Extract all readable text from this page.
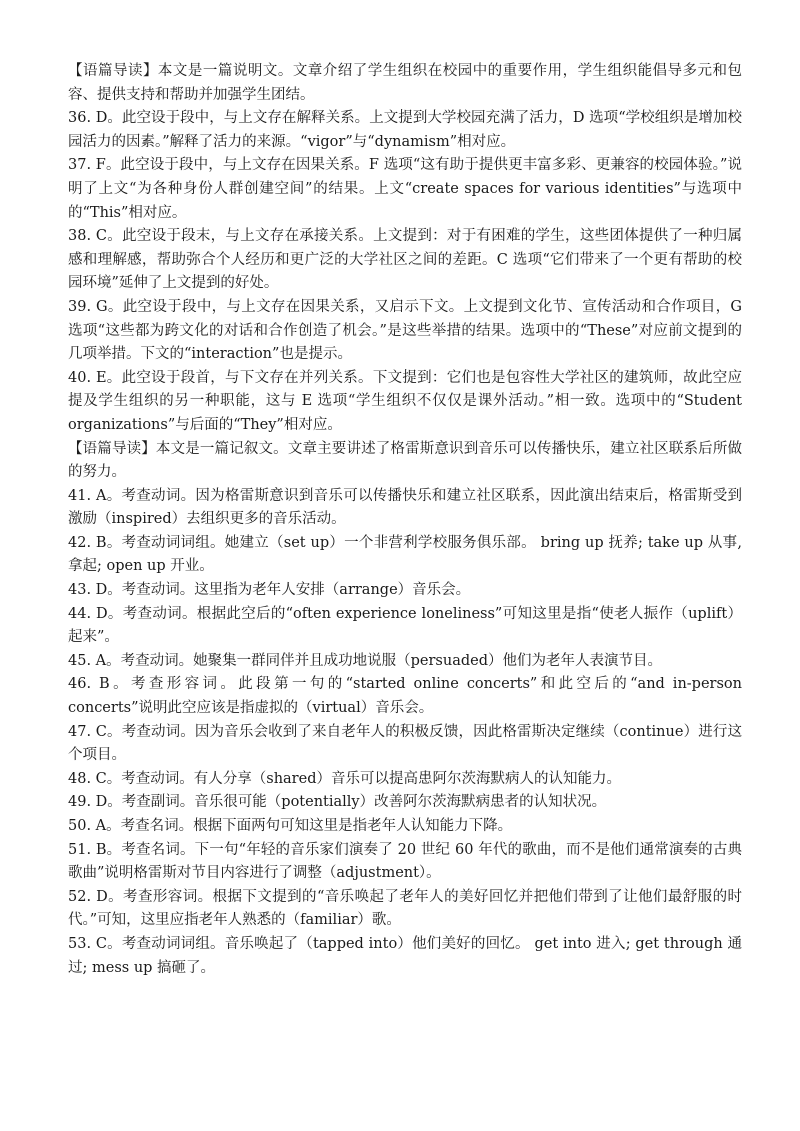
【语篇导读】本文是一篇说明文。文章介绍了学生组织在校园中的重要作用，学生组织能倡导多元和包容、提供支持和帮助并加强学生团结。

36. D。此空设于段中，与上文存在解释关系。上文提到大学校园充满了活力，D 选项“学校组织是增加校园活力的因素。”解释了活力的来源。“vigor”与“dynamism”相对应。

37. F。此空设于段中，与上文存在因果关系。F 选项“这有助于提供更丰富多彩、更兼容的校园体验。”说明了上文“为各种身份人群创建空间”的结果。上文“create spaces for various identities”与选项中的“This”相对应。

38. C。此空设于段末，与上文存在承接关系。上文提到：对于有困难的学生，这些团体提供了一种归属感和理解感，帮助弥合个人经历和更广泛的大学社区之间的差距。C 选项“它们带来了一个更有帮助的校园环境”延伸了上文提到的好处。

39. G。此空设于段中，与上文存在因果关系，又启示下文。上文提到文化节、宣传活动和合作项目，G 选项“这些都为跨文化的对话和合作创造了机会。”是这些举措的结果。选项中的“These”对应前文提到的几项举措。下文的“interaction”也是提示。

40. E。此空设于段首，与下文存在并列关系。下文提到：它们也是包容性大学社区的建筑师，故此空应提及学生组织的另一种职能，这与 E 选项“学生组织不仅仅是课外活动。”相一致。选项中的“Student organizations”与后面的“They”相对应。

【语篇导读】本文是一篇记叙文。文章主要讲述了格雷斯意识到音乐可以传播快乐，建立社区联系后所做的努力。

41. A。考查动词。因为格雷斯意识到音乐可以传播快乐和建立社区联系，因此演出结束后，格雷斯受到激励（inspired）去组织更多的音乐活动。

42. B。考查动词词组。她建立（set up）一个非营利学校服务俱乐部。 bring up 抚养; take up 从事,拿起; open up 开业。

43. D。考查动词。这里指为老年人安排（arrange）音乐会。

44. D。考查动词。根据此空后的“often experience loneliness”可知这里是指“使老人振作（uplift）起来”。

45. A。考查动词。她聚集一群同伴并且成功地说服（persuaded）他们为老年人表演节目。

46. B。考查形容词。此段第一句的“started online concerts”和此空后的“and in-person concerts”说明此空应该是指虚拟的（virtual）音乐会。

47. C。考查动词。因为音乐会收到了来自老年人的积极反馈，因此格雷斯决定继续（continue）进行这个项目。

48. C。考查动词。有人分享（shared）音乐可以提高患阿尔茨海默病人的认知能力。

49. D。考查副词。音乐很可能（potentially）改善阿尔茨海默病患者的认知状况。

50. A。考查名词。根据下面两句可知这里是指老年人认知能力下降。

51. B。考查名词。下一句“年轻的音乐家们演奏了 20 世纪 60 年代的歌曲，而不是他们通常演奏的古典歌曲”说明格雷斯对节目内容进行了调整（adjustment）。

52. D。考查形容词。根据下文提到的“音乐唤起了老年人的美好回忆并把他们带到了让他们最舒服的时代。”可知，这里应指老年人熟悉的（familiar）歌。

53. C。考查动词词组。音乐唤起了（tapped into）他们美好的回忆。 get into 进入; get through 通过; mess up 搞砸了。
